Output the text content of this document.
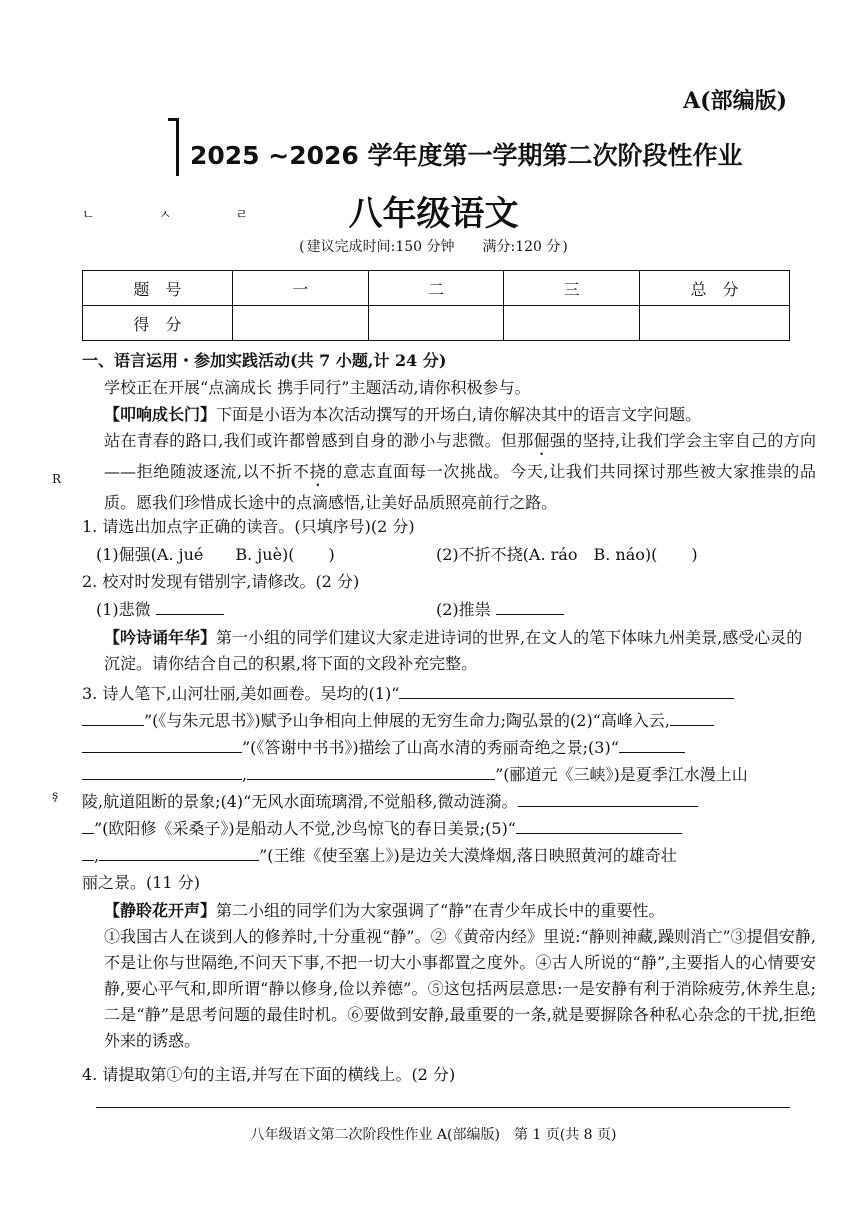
A(部编版)
2025 ~2026 学年度第一学期第二次阶段性作业
ㄴ ㅅ ㄹ	八年级语文
( 建议完成时间:150 分钟 满分:120 分 )
题　号	一	二	三	总　分
得　分				
一、语言运用・参加实践活动(共 7 小题,计 24 分)
学校正在开展“点滴成长 携手同行”主题活动,请你积极参与。
【叩响成长门】下面是小语为本次活动撰写的开场白,请你解决其中的语言文字问题。
站在青春的路口,我们或许都曾感到自身的渺小与悲微。但那倔强的坚持,让我们学会主宰自己的方向——拒绝随波逐流,以不折不挠的意志直面每一次挑战。今天,让我们共同探讨那些被大家推祟的品质。愿我们珍惜成长途中的点滴感悟,让美好品质照亮前行之路。
1. 请选出加点字正确的读音。(只填序号)(2 分)
(1)倔强(A. jué　　B. juè)( )	(2)不折不挠(A. ráo　B. náo)( )
2. 校对时发现有错别字,请修改。(2 分)
(1)悲微	(2)推祟
【吟诗诵年华】第一小组的同学们建议大家走进诗词的世界,在文人的笔下体味九州美景,感受心灵的沉淀。请你结合自己的积累,将下面的文段补充完整。
3. 诗人笔下,山河壮丽,美如画卷。吴均的(1)“
”(《与朱元思书》)赋予山争相向上伸展的无穷生命力;陶弘景的(2)“高峰入云,
”(《答谢中书书》)描绘了山高水清的秀丽奇绝之景;(3)“
,	”(郦道元《三峡》)是夏季江水漫上山
陵,航道阻断的景象;(4)“无风水面琉璃滑,不觉船移,微动涟漪。
”(欧阳修《采桑子》)是船动人不觉,沙鸟惊飞的春日美景;(5)“
,	”(王维《使至塞上》)是边关大漠烽烟,落日映照黄河的雄奇壮
丽之景。(11 分)
【静聆花开声】第二小组的同学们为大家强调了“静”在青少年成长中的重要性。
①我国古人在谈到人的修养时,十分重视“静”。②《黄帝内经》里说:“静则神藏,躁则消亡”③提倡安静,不是让你与世隔绝,不问天下事,不把一切大小事都置之度外。④古人所说的“静”,主要指人的心情要安静,要心平气和,即所谓“静以修身,俭以养德”。⑤这包括两层意思:一是安静有利于消除疲劳,休养生息;二是“静”是思考问题的最佳时机。⑥要做到安静,最重要的一条,就是要摒除各种私心杂念的干扰,拒绝外来的诱惑。
4. 请提取第①句的主语,并写在下面的横线上。(2 分)
八年级语文第二次阶段性作业 A(部编版)　第 1 页(共 8 页)
R
ş
